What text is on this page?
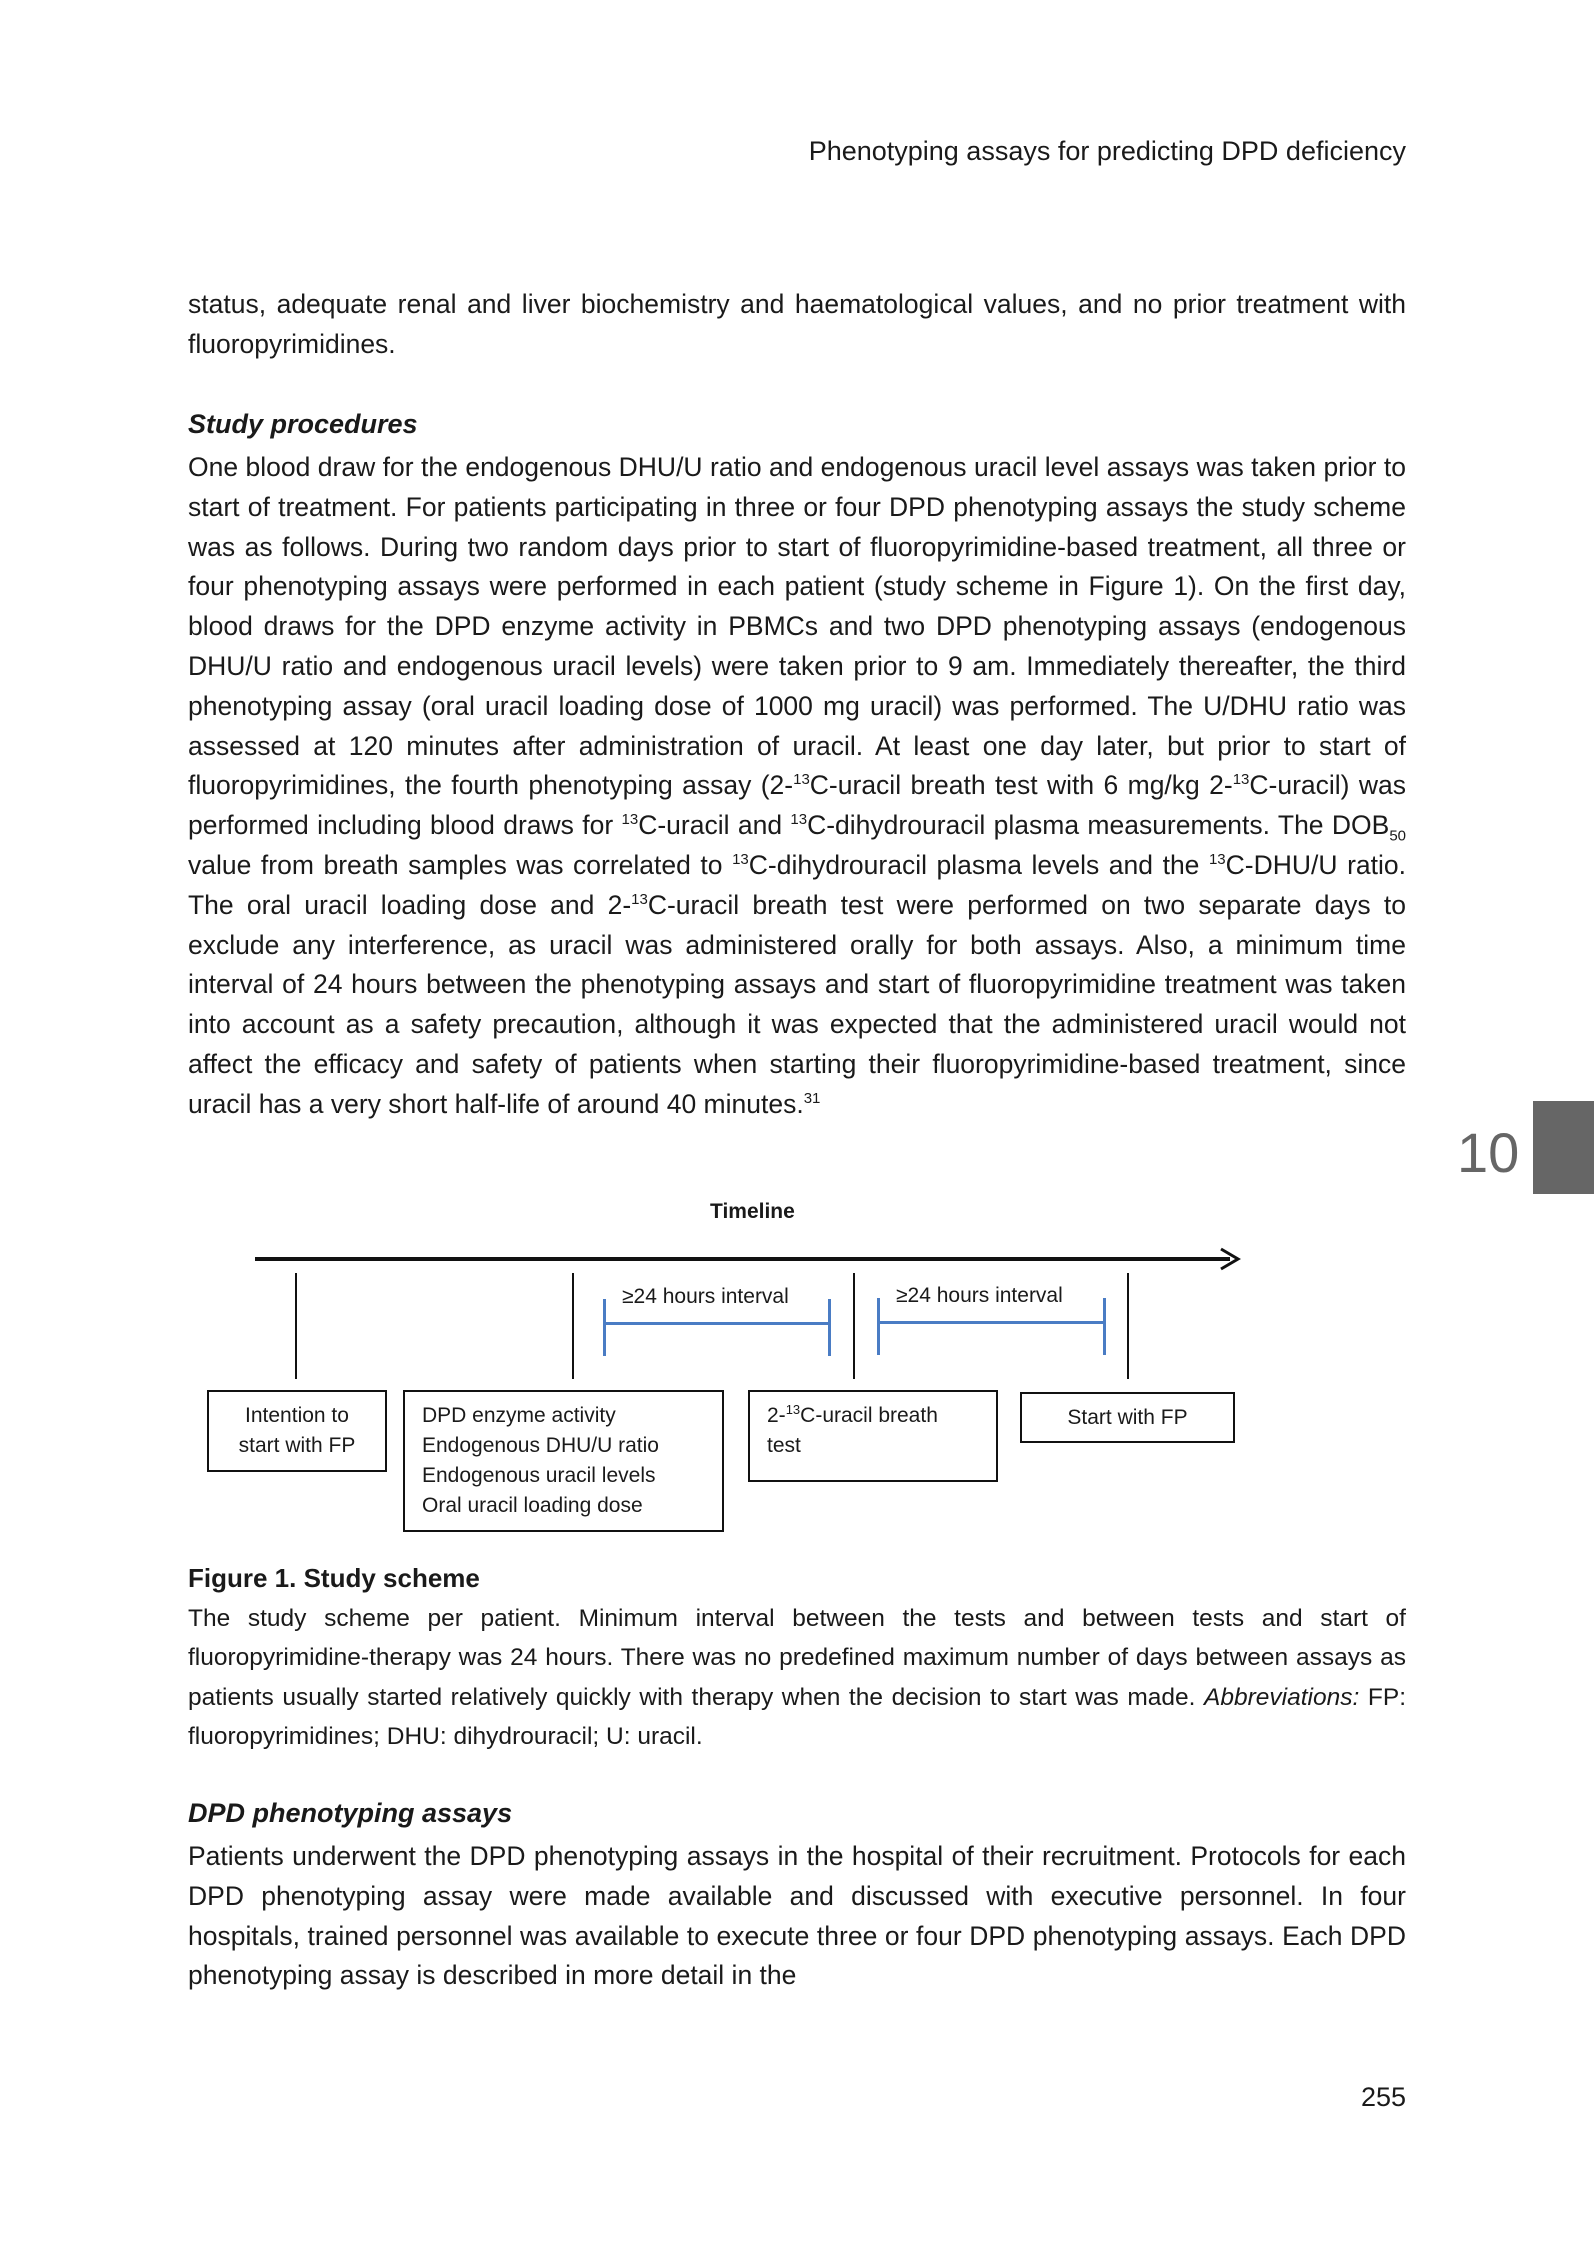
Phenotyping assays for predicting DPD deficiency
status, adequate renal and liver biochemistry and haematological values, and no prior treatment with fluoropyrimidines.
Study procedures
One blood draw for the endogenous DHU/U ratio and endogenous uracil level assays was taken prior to start of treatment. For patients participating in three or four DPD phenotyping assays the study scheme was as follows. During two random days prior to start of fluoropyrimidine-based treatment, all three or four phenotyping assays were performed in each patient (study scheme in Figure 1). On the first day, blood draws for the DPD enzyme activity in PBMCs and two DPD phenotyping assays (endogenous DHU/U ratio and endogenous uracil levels) were taken prior to 9 am. Immediately thereafter, the third phenotyping assay (oral uracil loading dose of 1000 mg uracil) was performed. The U/DHU ratio was assessed at 120 minutes after administration of uracil. At least one day later, but prior to start of fluoropyrimidines, the fourth phenotyping assay (2-$^{13}$C-uracil breath test with 6 mg/kg 2-$^{13}$C-uracil) was performed including blood draws for $^{13}$C-uracil and $^{13}$C-dihydrouracil plasma measurements. The $DOB_{50}$ value from breath samples was correlated to $^{13}$C-dihydrouracil plasma levels and the $^{13}$C-DHU/U ratio. The oral uracil loading dose and 2-$^{13}$C-uracil breath test were performed on two separate days to exclude any interference, as uracil was administered orally for both assays. Also, a minimum time interval of 24 hours between the phenotyping assays and start of fluoropyrimidine treatment was taken into account as a safety precaution, although it was expected that the administered uracil would not affect the efficacy and safety of patients when starting their fluoropyrimidine-based treatment, since uracil has a very short half-life of around 40 minutes.$^{31}$
Timeline
≥24 hours interval	≥24 hours interval
Intention to
start with FP
DPD enzyme activity
Endogenous DHU/U ratio
Endogenous uracil levels
Oral uracil loading dose
2-$^{13}$C-uracil breath
test
Start with FP
Figure 1. Study scheme
The study scheme per patient. Minimum interval between the tests and between tests and start of fluoropyrimidine-therapy was 24 hours. There was no predefined maximum number of days between assays as patients usually started relatively quickly with therapy when the decision to start was made. Abbreviations: FP: fluoropyrimidines; DHU: dihydrouracil; U: uracil.
DPD phenotyping assays
Patients underwent the DPD phenotyping assays in the hospital of their recruitment. Protocols for each DPD phenotyping assay were made available and discussed with executive personnel. In four hospitals, trained personnel was available to execute three or four DPD phenotyping assays. Each DPD phenotyping assay is described in more detail in the
10
255
